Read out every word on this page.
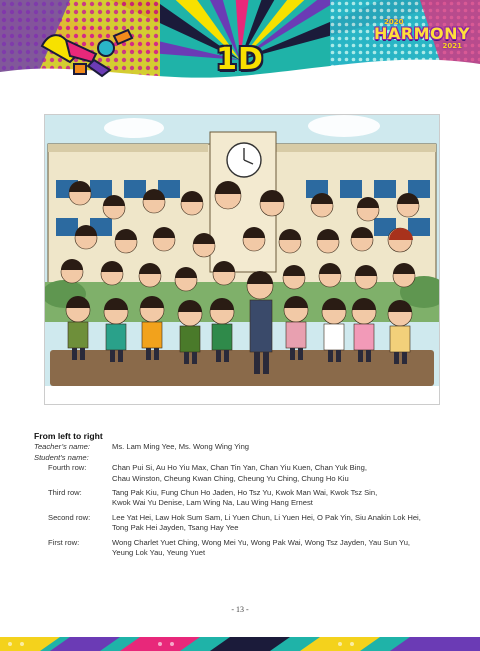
1D
2020
HARMONY
2021
From left to right
Teacher’s name:	Ms. Lam Ming Yee, Ms. Wong Wing Ying
Student’s name:
Fourth row:	Chan Pui Si, Au Ho Yiu Max, Chan Tin Yan, Chan Yiu Kuen, Chan Yuk Bing,
Chau Winston, Cheung Kwan Ching, Cheung Yu Ching, Chung Ho Kiu
Third row:	Tang Pak Kiu, Fung Chun Ho Jaden, Ho Tsz Yu, Kwok Man Wai, Kwok Tsz Sin,
Kwok Wai Yu Denise, Lam Wing Na, Lau Wing Hang Ernest
Second row:	Lee Yat Hei, Law Hok Sum Sam, Li Yuen Chun, Li Yuen Hei, O Pak Yin, Siu Anakin Lok Hei,
Tong Pak Hei Jayden, Tsang Hay Yee
First row:	Wong Charlet Yuet Ching, Wong Mei Yu, Wong Pak Wai, Wong Tsz Jayden, Yau Sun Yu,
Yeung Lok Yau, Yeung Yuet
- 13 -
